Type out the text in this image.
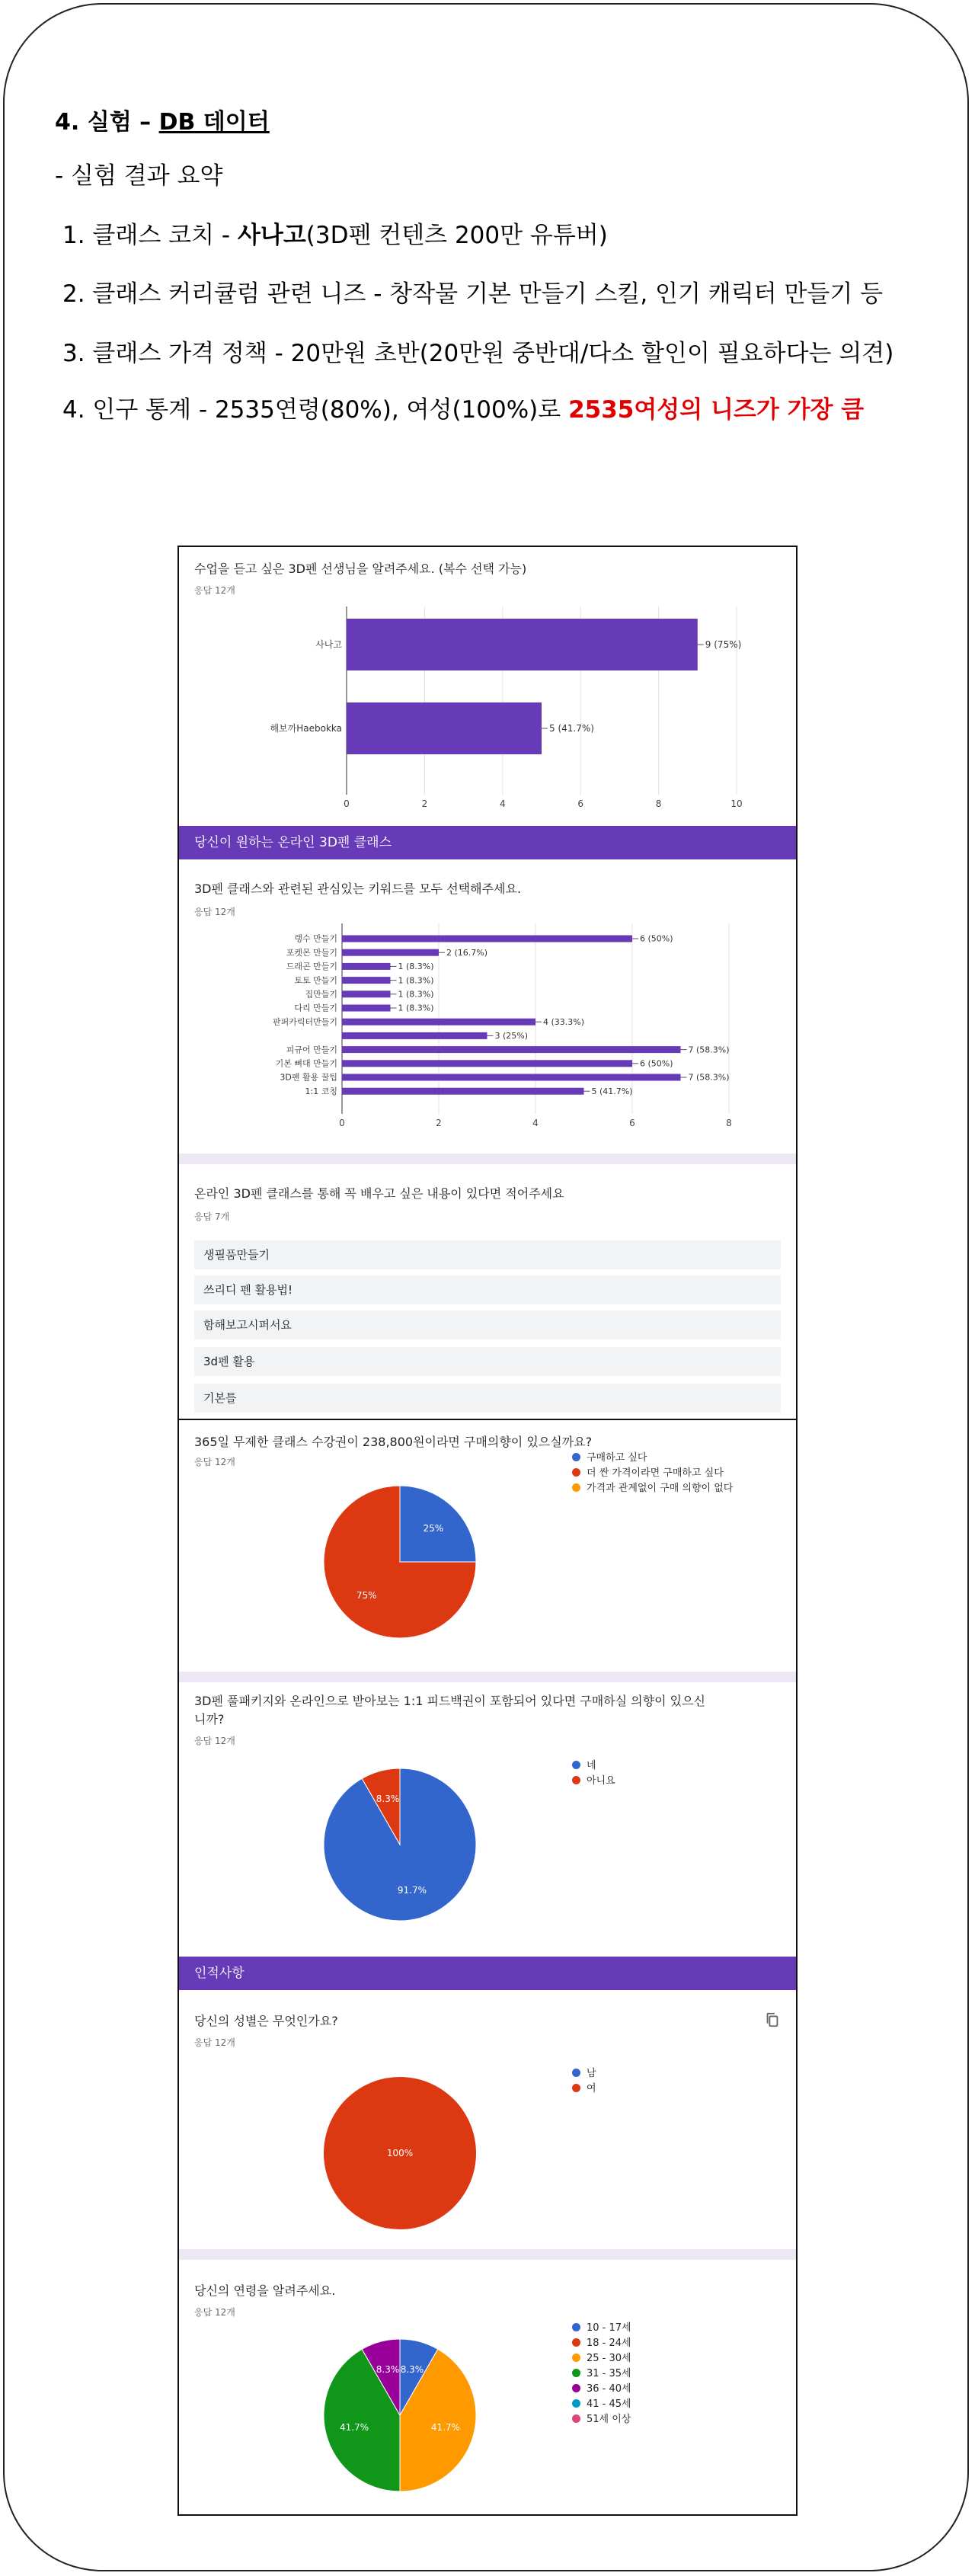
4. 실험 – DB 데이터
- 실험 결과 요약
1. 클래스 코치 - 사나고(3D펜 컨텐츠 200만 유튜버)
2. 클래스 커리큘럼 관련 니즈 - 창작물 기본 만들기 스킬, 인기 캐릭터 만들기 등
3. 클래스 가격 정책 - 20만원 초반(20만원 중반대/다소 할인이 필요하다는 의견)
4. 인구 통계 - 2535연령(80%), 여성(100%)로 2535여성의 니즈가 가장 큼
수업을 듣고 싶은 3D펜 선생님을 알려주세요. (복수 선택 가능)
응답 12개
0	2	4	6	8	10
사나고	9 (75%)
해보까Haebokka	5 (41.7%)
당신이 원하는 온라인 3D펜 클래스
3D펜 클래스와 관련된 관심있는 키워드를 모두 선택해주세요.
응답 12개
0	2	4	6	8
랭수 만들기	6 (50%)
포켓몬 만들기	2 (16.7%)
드래곤 만들기	1 (8.3%)
토토 만들기	1 (8.3%)
집만들기	1 (8.3%)
다리 만들기	1 (8.3%)
판퍼카릭터만들기	4 (33.3%)
3 (25%)
피규어 만들기	7 (58.3%)
기본 뼈대 만들기	6 (50%)
3D펜 활용 꿀팁	7 (58.3%)
1:1 코칭	5 (41.7%)
온라인 3D펜 클래스를 통해 꼭 배우고 싶은 내용이 있다면 적어주세요
응답 7개
생필품만들기
쓰리디 펜 활용법!
함해보고시퍼서요
3d펜 활용
기본틀
365일 무제한 클래스 수강권이 238,800원이라면 구매의향이 있으실까요?
응답 12개
25%
75%
구매하고 싶다
더 싼 가격이라면 구매하고 싶다
가격과 관계없이 구매 의향이 없다
3D펜 풀패키지와 온라인으로 받아보는 1:1 피드백권이 포함되어 있다면 구매하실 의향이 있으신
니까?
응답 12개
91.7%
8.3%
네
아니요
인적사항
당신의 성별은 무엇인가요?
응답 12개
100%
남
여
당신의 연령을 알려주세요.
응답 12개
8.3%
41.7%
41.7%
8.3%
10 - 17세
18 - 24세
25 - 30세
31 - 35세
36 - 40세
41 - 45세
51세 이상
